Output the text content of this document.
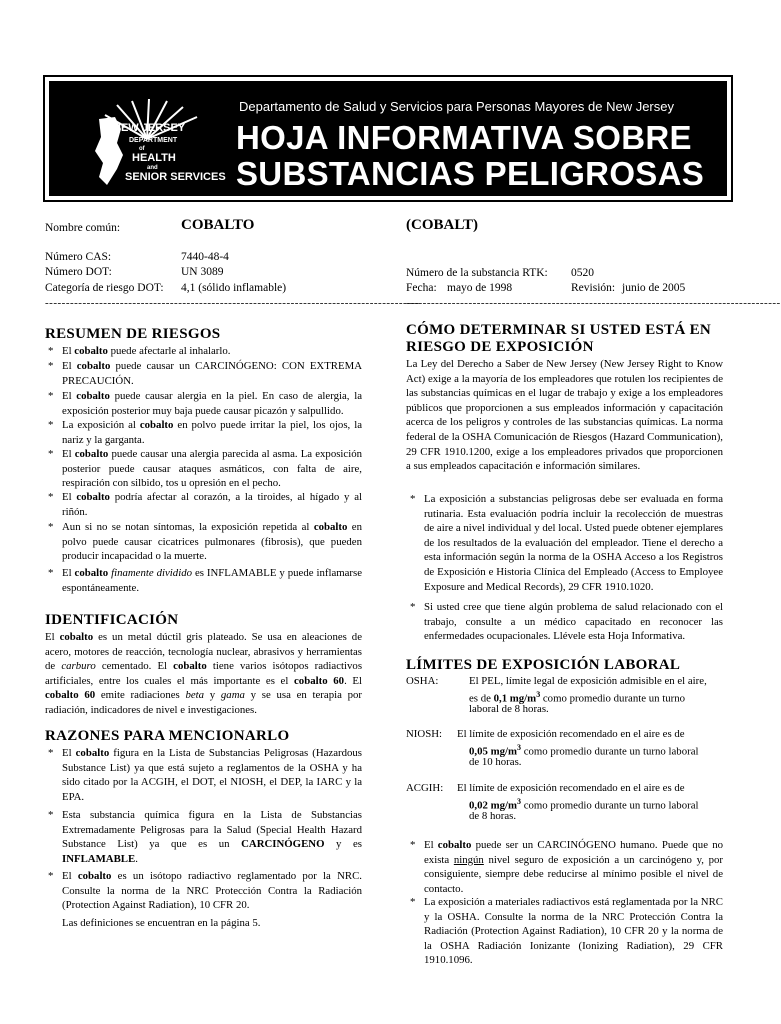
NEW JERSEY
DEPARTMENT
of
HEALTH
and
SENIOR SERVICES
Departamento de Salud y Servicios para Personas Mayores de New Jersey
HOJA INFORMATIVA SOBRE
SUBSTANCIAS PELIGROSAS
Nombre común:	COBALTO
Número CAS:	7440-48-4
Número DOT:	UN 3089
Categoría de riesgo DOT: 4,1 (sólido inflamable)
------------------------------------------------------------------------------------------
(COBALT)
Número de la substancia RTK: 0520
Fecha: mayo de 1998	Revisión: junio de 2005
------------------------------------------------------------------------------------------
RESUMEN DE RIESGOS
* El cobalto puede afectarle al inhalarlo.
* El cobalto puede causar un CARCINÓGENO: CON EXTREMA PRECAUCIÓN.
* El cobalto puede causar alergia en la piel. En caso de alergia, la exposición posterior muy baja puede causar picazón y salpullido.
* La exposición al cobalto en polvo puede irritar la piel, los ojos, la nariz y la garganta.
* El cobalto puede causar una alergia parecida al asma. La exposición posterior puede causar ataques asmáticos, con falta de aire, respiración con silbido, tos u opresión en el pecho.
* El cobalto podría afectar al corazón, a la tiroides, al hígado y al riñón.
* Aun si no se notan síntomas, la exposición repetida al cobalto en polvo puede causar cicatrices pulmonares (fibrosis), que pueden producir incapacidad o la muerte.
* El cobalto finamente dividido es INFLAMABLE y puede inflamarse espontáneamente.
IDENTIFICACIÓN
El cobalto es un metal dúctil gris plateado. Se usa en aleaciones de acero, motores de reacción, tecnología nuclear, abrasivos y herramientas de carburo cementado. El cobalto tiene varios isótopos radiactivos artificiales, entre los cuales el más importante es el cobalto 60. El cobalto 60 emite radiaciones beta y gama y se usa en terapia por radiación, indicadores de nivel e investigaciones.
RAZONES PARA MENCIONARLO
* El cobalto figura en la Lista de Substancias Peligrosas (Hazardous Substance List) ya que está sujeto a reglamentos de la OSHA y ha sido citado por la ACGIH, el DOT, el NIOSH, el DEP, la IARC y la EPA.
* Esta substancia química figura en la Lista de Substancias Extremadamente Peligrosas para la Salud (Special Health Hazard Substance List) ya que es un CARCINÓGENO y es INFLAMABLE.
* El cobalto es un isótopo radiactivo reglamentado por la NRC. Consulte la norma de la NRC Protección Contra la Radiación (Protection Against Radiation), 10 CFR 20.
Las definiciones se encuentran en la página 5.
CÓMO DETERMINAR SI USTED ESTÁ EN
RIESGO DE EXPOSICIÓN
La Ley del Derecho a Saber de New Jersey (New Jersey Right to Know Act) exige a la mayoría de los empleadores que rotulen los recipientes de las substancias químicas en el lugar de trabajo y exige a los empleadores públicos que proporcionen a sus empleados información y capacitación acerca de los peligros y controles de las substancias químicas. La norma federal de la OSHA Comunicación de Riesgos (Hazard Communication), 29 CFR 1910.1200, exige a los empleadores privados que proporcionen a sus empleados capacitación e información similares.
* La exposición a substancias peligrosas debe ser evaluada en forma rutinaria. Esta evaluación podría incluir la recolección de muestras de aire a nivel individual y del local. Usted puede obtener ejemplares de los resultados de la evaluación del empleador. Tiene el derecho a esta información según la norma de la OSHA Acceso a los Registros de Exposición e Historia Clínica del Empleado (Access to Employee Exposure and Medical Records), 29 CFR 1910.1020.
* Si usted cree que tiene algún problema de salud relacionado con el trabajo, consulte a un médico capacitado en reconocer las enfermedades ocupacionales. Llévele esta Hoja Informativa.
LÍMITES DE EXPOSICIÓN LABORAL
OSHA:	El PEL, límite legal de exposición admisible en el aire,
es de 0,1 $mg/m^3$ como promedio durante un turno
laboral de 8 horas.
NIOSH: El límite de exposición recomendado en el aire es de
0,05 $mg/m^3$ como promedio durante un turno laboral
de 10 horas.
ACGIH: El límite de exposición recomendado en el aire es de
0,02 $mg/m^3$ como promedio durante un turno laboral
de 8 horas.
* El cobalto puede ser un CARCINÓGENO humano. Puede que no exista ningún nivel seguro de exposición a un carcinógeno y, por consiguiente, siempre debe reducirse al mínimo posible el nivel de contacto.
* La exposición a materiales radiactivos está reglamentada por la NRC y la OSHA. Consulte la norma de la NRC Protección Contra la Radiación (Protection Against Radiation), 10 CFR 20 y la norma de la OSHA Radiación Ionizante (Ionizing Radiation), 29 CFR 1910.1096.
